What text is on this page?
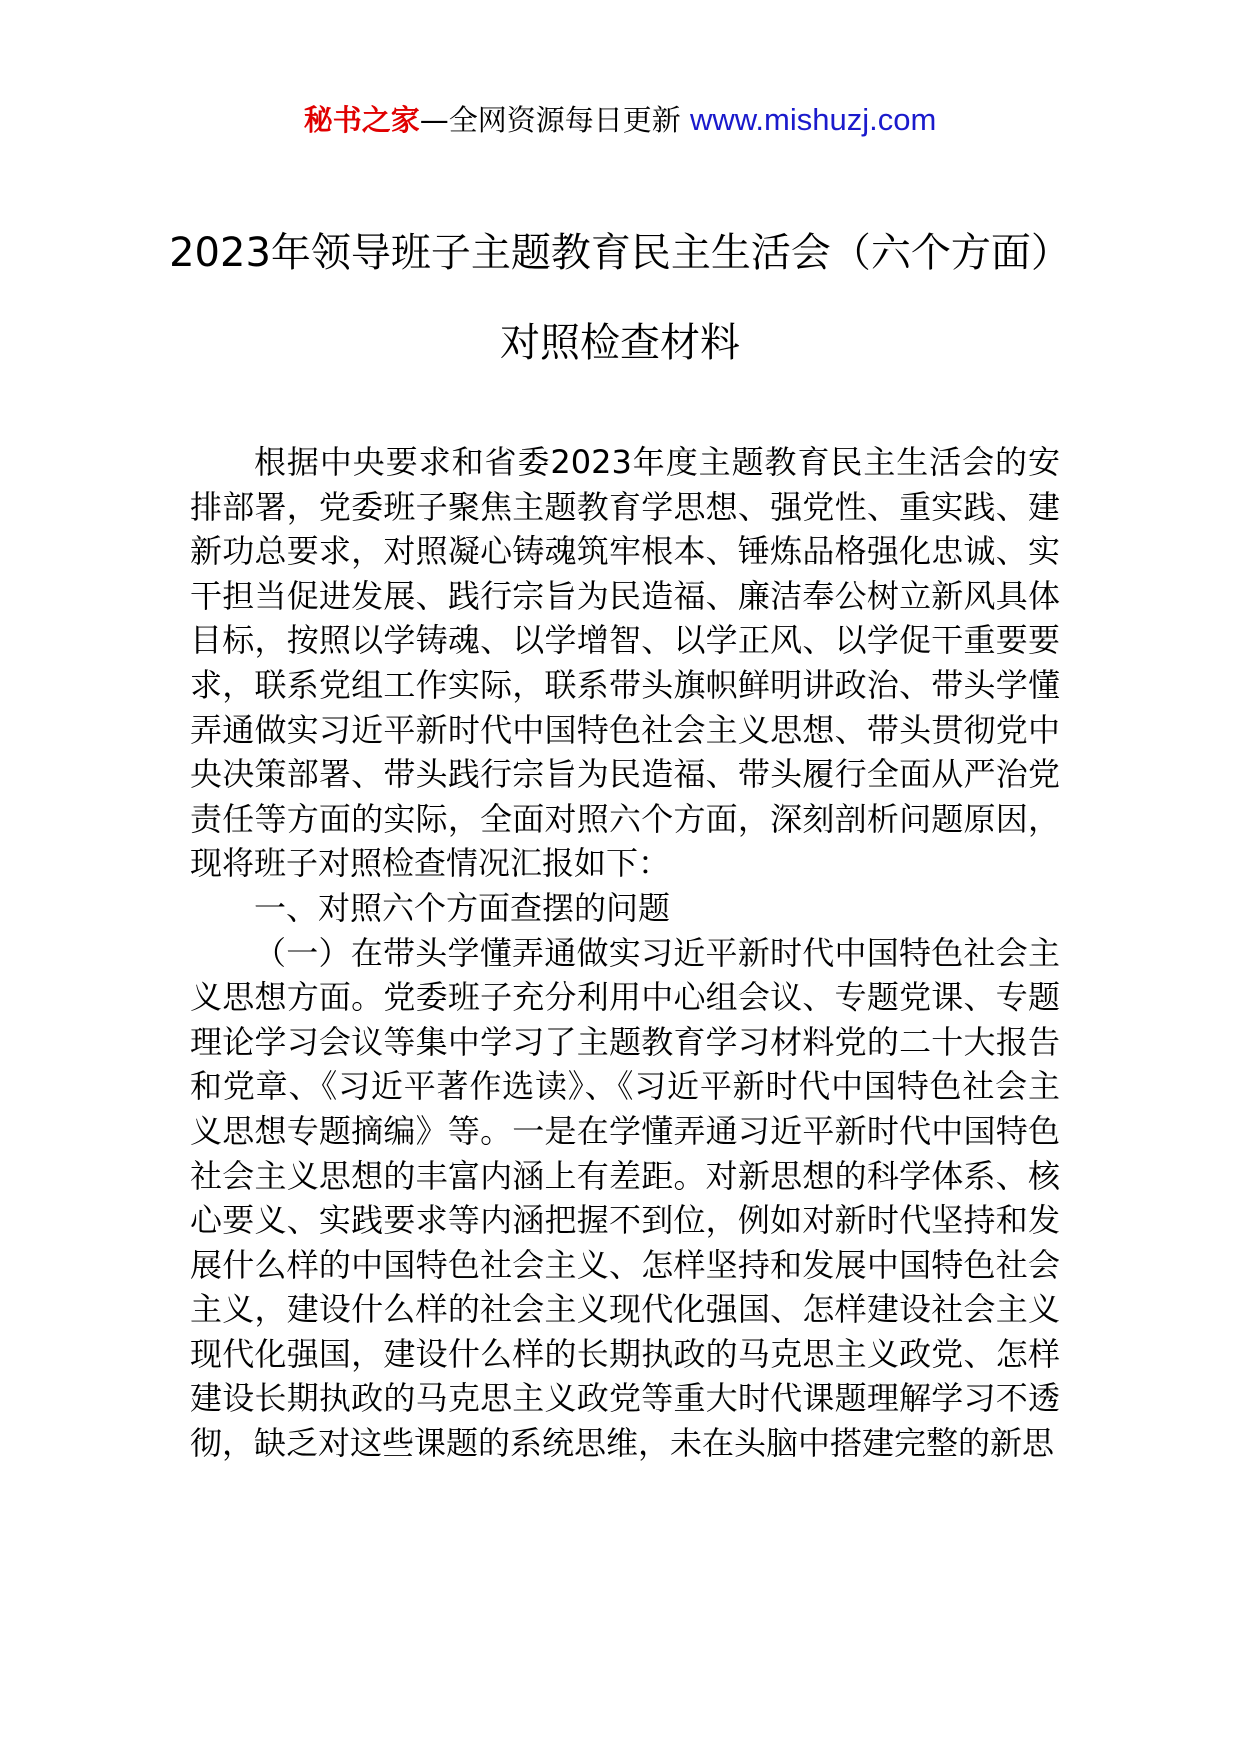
秘书之家—全网资源每日更新 www.mishuzj.com
2023年领导班子主题教育民主生活会（六个方面）对照检查材料

根据中央要求和省委2023年度主题教育民主生活会的安排部署，党委班子聚焦主题教育学思想、强党性、重实践、建新功总要求，对照凝心铸魂筑牢根本、锤炼品格强化忠诚、实干担当促进发展、践行宗旨为民造福、廉洁奉公树立新风具体目标，按照以学铸魂、以学增智、以学正风、以学促干重要要求，联系党组工作实际，联系带头旗帜鲜明讲政治、带头学懂弄通做实习近平新时代中国特色社会主义思想、带头贯彻党中央决策部署、带头践行宗旨为民造福、带头履行全面从严治党责任等方面的实际，全面对照六个方面，深刻剖析问题原因，现将班子对照检查情况汇报如下：

一、对照六个方面查摆的问题

（一）在带头学懂弄通做实习近平新时代中国特色社会主义思想方面。党委班子充分利用中心组会议、专题党课、专题理论学习会议等集中学习了主题教育学习材料党的二十大报告和党章、《习近平著作选读》、《习近平新时代中国特色社会主义思想专题摘编》等。一是在学懂弄通习近平新时代中国特色社会主义思想的丰富内涵上有差距。对新思想的科学体系、核心要义、实践要求等内涵把握不到位，例如对新时代坚持和发展什么样的中国特色社会主义、怎样坚持和发展中国特色社会主义，建设什么样的社会主义现代化强国、怎样建设社会主义现代化强国，建设什么样的长期执政的马克思主义政党、怎样建设长期执政的马克思主义政党等重大时代课题理解学习不透彻，缺乏对这些课题的系统思维，未在头脑中搭建完整的新思
